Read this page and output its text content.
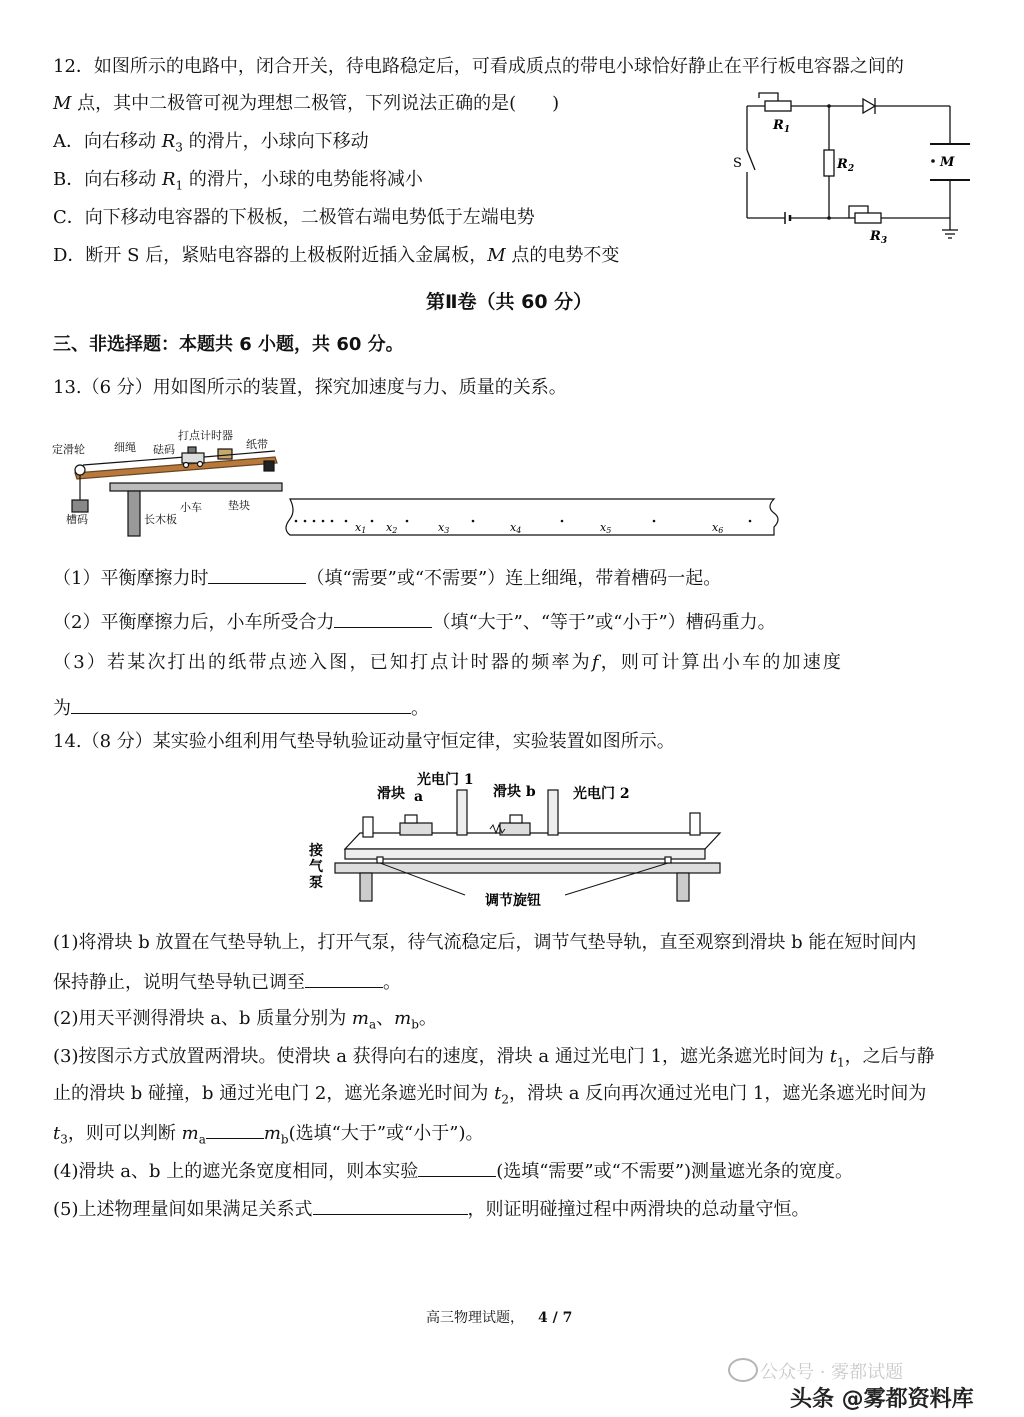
12．如图所示的电路中，闭合开关，待电路稳定后，可看成质点的带电小球恰好静止在平行板电容器之间的
M 点，其中二极管可视为理想二极管，下列说法正确的是(　　)
A．向右移动 $R_3$ 的滑片，小球向下移动
B．向右移动 $R_1$ 的滑片，小球的电势能将减小
C．向下移动电容器的下极板，二极管右端电势低于左端电势
D．断开 S 后，紧贴电容器的上极板附近插入金属板，M 点的电势不变
$R_1$
$R_2$
$R_3$
S	M
第Ⅱ卷（共 60 分）
三、非选择题：本题共 6 小题，共 60 分。
13.（6 分）用如图所示的装置，探究加速度与力、质量的关系。
定滑轮	细绳 砝码
打点计时器
纸带
槽码
小车
长木板
垫块
x1 x2	x3	x4	x5	x6
（1）平衡摩擦力时	（填“需要”或“不需要”）连上细绳，带着槽码一起。
（2）平衡摩擦力后，小车所受合力	（填“大于”、“等于”或“小于”）槽码重力。
（3）若某次打出的纸带点迹入图，已知打点计时器的频率为f，则可计算出小车的加速度
为	。
14.（8 分）某实验小组利用气垫导轨验证动量守恒定律，实验装置如图所示。
滑块 a
光电门 1
滑块 b	光电门 2
接
气
泵
调节旋钮
(1)将滑块 b 放置在气垫导轨上，打开气泵，待气流稳定后，调节气垫导轨，直至观察到滑块 b 能在短时间内
保持静止，说明气垫导轨已调至	。
(2)用天平测得滑块 a、b 质量分别为 $m_a$、$m_b$。
(3)按图示方式放置两滑块。使滑块 a 获得向右的速度，滑块 a 通过光电门 1，遮光条遮光时间为 $t_1$，之后与静
止的滑块 b 碰撞，b 通过光电门 2，遮光条遮光时间为 $t_2$，滑块 a 反向再次通过光电门 1，遮光条遮光时间为
$t_3$，则可以判断 $m_a$	$m_b$(选填“大于”或“小于”)。
(4)滑块 a、b 上的遮光条宽度相同，则本实验	(选填“需要”或“不需要”)测量遮光条的宽度。
(5)上述物理量间如果满足关系式	，则证明碰撞过程中两滑块的总动量守恒。
高三物理试题， 4 / 7
公众号 · 雾都试题
头条 @雾都资料库
